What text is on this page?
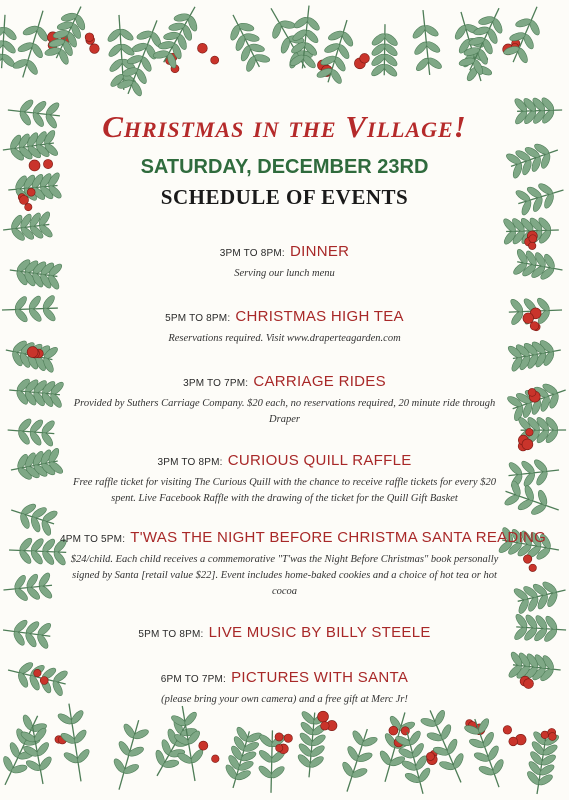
Christmas in the Village!
SATURDAY, DECEMBER 23RD
SCHEDULE OF EVENTS

3PM TO 8PM: DINNER

Serving our lunch menu

5PM TO 8PM: CHRISTMAS HIGH TEA

Reservations required. Visit www.draperteagarden.com

3PM TO 7PM: CARRIAGE RIDES

Provided by Suthers Carriage Company. $20 each, no reservations required, 20 minute ride through Draper

3PM TO 8PM: CURIOUS QUILL RAFFLE

Free raffle ticket for visiting The Curious Quill with the chance to receive raffle tickets for every $20 spent. Live Facebook Raffle with the drawing of the ticket for the Quill Gift Basket

4PM TO 5PM: T'WAS THE NIGHT BEFORE CHRISTMA SANTA READING

$24/child. Each child receives a commemorative "T'was the Night Before Christmas" book personally signed by Santa [retail value $22]. Event includes home-baked cookies and a choice of hot tea or hot cocoa

5PM TO 8PM: LIVE MUSIC BY BILLY STEELE

6PM TO 7PM: PICTURES WITH SANTA

(please bring your own camera) and a free gift at Merc Jr!
